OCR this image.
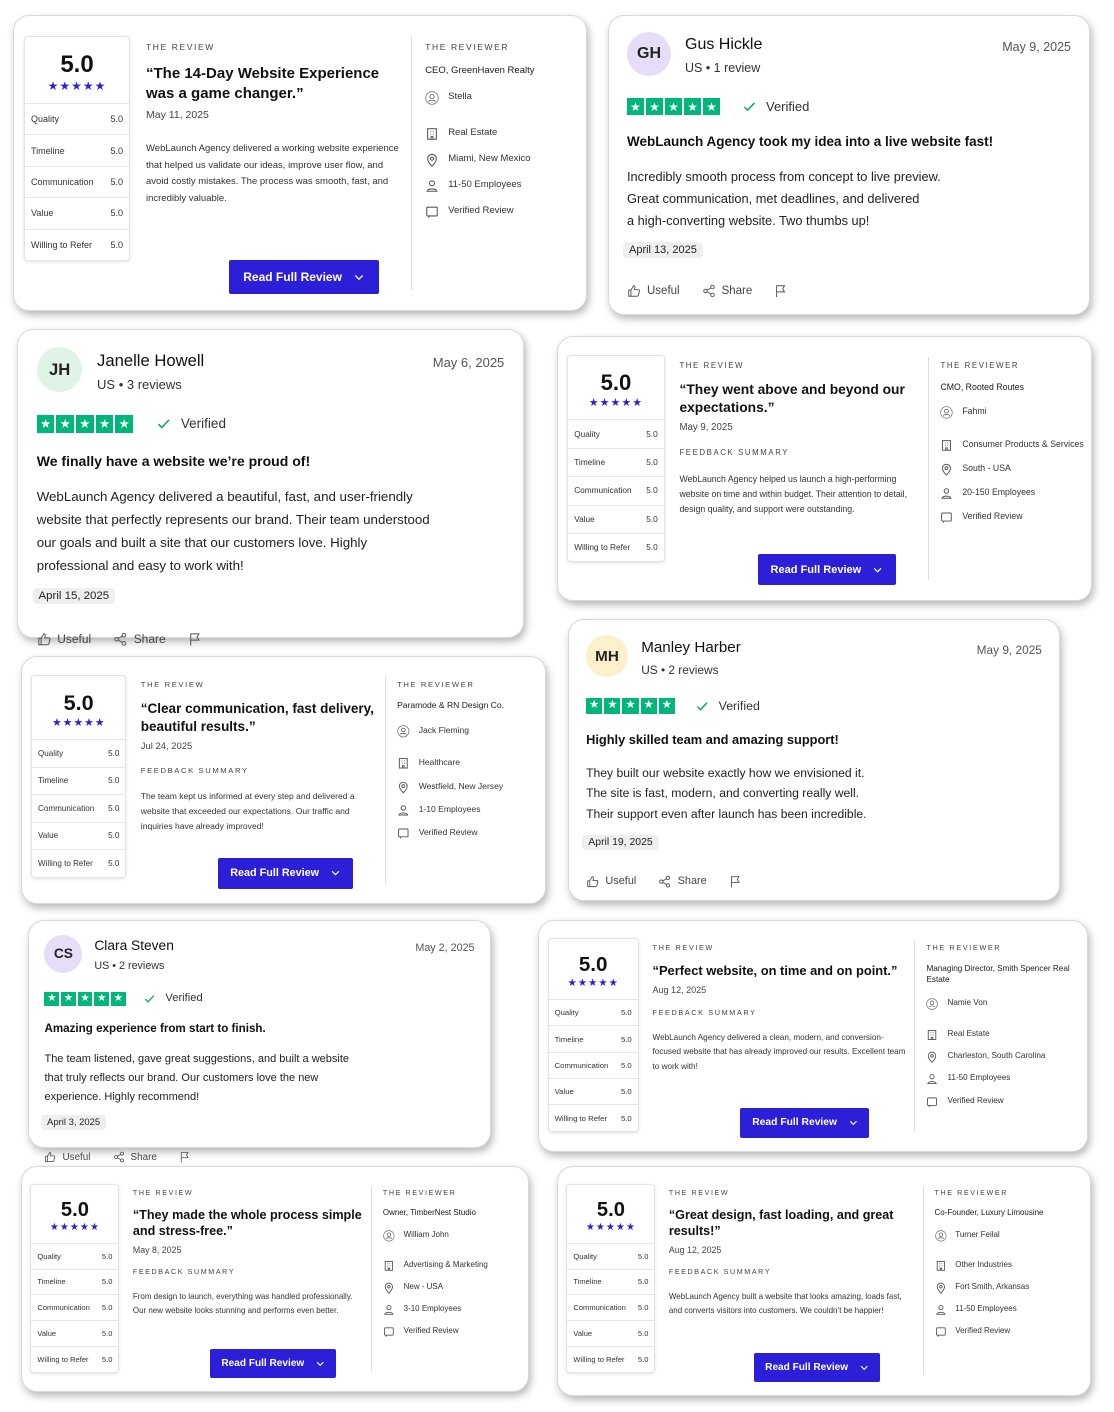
5.0
★★★★★
Quality	5.0
Timeline	5.0
Communication 5.0
Value	5.0
Willing to Refer 5.0
THE REVIEW
“The 14-Day Website Experience was a game changer.”
May 11, 2025
WebLaunch Agency delivered a working website experience that helped us validate our ideas, improve user flow, and avoid costly mistakes. The process was smooth, fast, and incredibly valuable.
THE REVIEWER
CEO, GreenHaven Realty
Stella
Real Estate
Miami, New Mexico
11-50 Employees
Verified Review
Read Full Review
5.0
★★★★★
Quality	5.0
Timeline	5.0
Communication 5.0
Value	5.0
Willing to Refer 5.0
THE REVIEW
“They went above and beyond our expectations.”
May 9, 2025
FEEDBACK SUMMARY
WebLaunch Agency helped us launch a high-performing website on time and within budget. Their attention to detail, design quality, and support were outstanding.
THE REVIEWER
CMO, Rooted Routes
Fahmi
Consumer Products & Services
South - USA
20-150 Employees
Verified Review
Read Full Review
5.0
★★★★★
Quality	5.0
Timeline	5.0
Communication 5.0
Value	5.0
Willing to Refer 5.0
THE REVIEW
“Clear communication, fast delivery, beautiful results.”
Jul 24, 2025
FEEDBACK SUMMARY
The team kept us informed at every step and delivered a website that exceeded our expectations. Our traffic and inquiries have already improved!
THE REVIEWER
Paramode & RN Design Co.
Jack Fleming
Healthcare
Westfield, New Jersey
1-10 Employees
Verified Review
Read Full Review
5.0
★★★★★
Quality	5.0
Timeline	5.0
Communication 5.0
Value	5.0
Willing to Refer 5.0
THE REVIEW
“Perfect website, on time and on point.”
Aug 12, 2025
FEEDBACK SUMMARY
WebLaunch Agency delivered a clean, modern, and conversion-focused website that has already improved our results. Excellent team to work with!
THE REVIEWER
Managing Director, Smith Spencer Real Estate
Namie Von
Real Estate
Charleston, South Carolina
11-50 Employees
Verified Review
Read Full Review
5.0
★★★★★
Quality	5.0
Timeline	5.0
Communication 5.0
Value	5.0
Willing to Refer 5.0
THE REVIEW
“They made the whole process simple and stress-free.”
May 8, 2025
FEEDBACK SUMMARY
From design to launch, everything was handled professionally. Our new website looks stunning and performs even better.
THE REVIEWER
Owner, TimberNest Studio
William John
Advertising & Marketing
New - USA
3-10 Employees
Verified Review
Read Full Review
5.0
★★★★★
Quality	5.0
Timeline	5.0
Communication 5.0
Value	5.0
Willing to Refer 5.0
THE REVIEW
“Great design, fast loading, and great results!”
Aug 12, 2025
FEEDBACK SUMMARY
WebLaunch Agency built a website that looks amazing, loads fast, and converts visitors into customers. We couldn’t be happier!
THE REVIEWER
Co-Founder, Luxury Limousine
Turner Feilal
Other Industries
Fort Smith, Arkansas
11-50 Employees
Verified Review
Read Full Review
GH
Gus Hickle
US • 1 review
May 9, 2025
★ ★ ★ ★ ★	Verified
WebLaunch Agency took my idea into a live website fast!
Incredibly smooth process from concept to live preview.
Great communication, met deadlines, and delivered
a high-converting website. Two thumbs up!
April 13, 2025
Useful	Share
JH	Janelle Howell
US • 3 reviews
May 6, 2025
★ ★ ★ ★ ★	Verified
We finally have a website we’re proud of!
WebLaunch Agency delivered a beautiful, fast, and user-friendly
website that perfectly represents our brand. Their team understood
our goals and built a site that our customers love. Highly
professional and easy to work with!
April 15, 2025
Useful	Share
MH
Manley Harber
US • 2 reviews
May 9, 2025
★ ★ ★ ★ ★	Verified
Highly skilled team and amazing support!
They built our website exactly how we envisioned it.
The site is fast, modern, and converting really well.
Their support even after launch has been incredible.
April 19, 2025
Useful	Share
CS
Clara Steven
US • 2 reviews
May 2, 2025
★ ★ ★ ★ ★	Verified
Amazing experience from start to finish.
The team listened, gave great suggestions, and built a website
that truly reflects our brand. Our customers love the new
experience. Highly recommend!
April 3, 2025
Useful	Share
